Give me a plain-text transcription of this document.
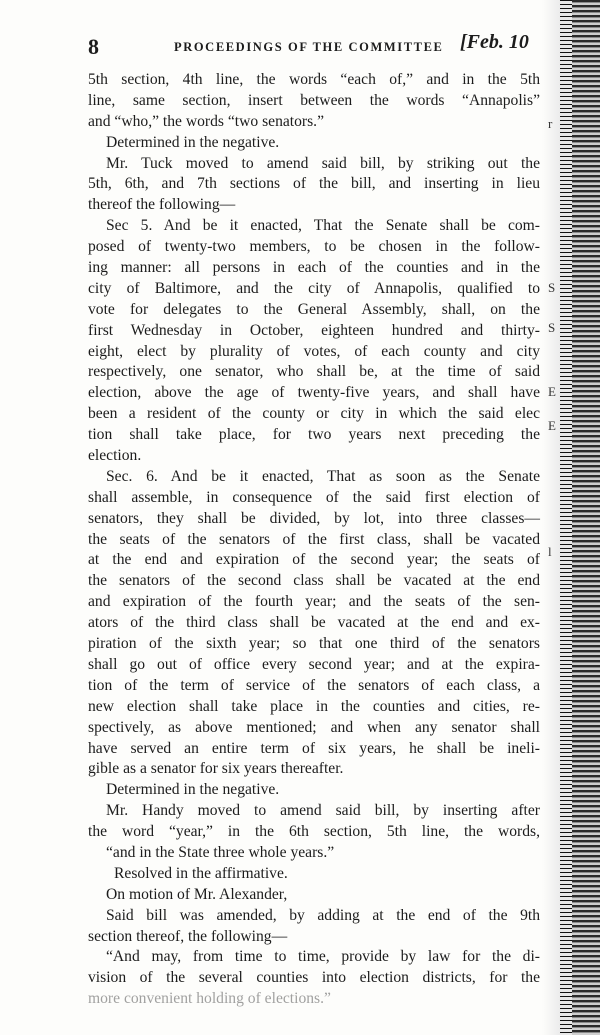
8	PROCEEDINGS OF THE COMMITTEE [Feb. 10
5th section, 4th line, the words “each of,” and in the 5th
line, same section, insert between the words “Annapolis”
and “who,” the words “two senators.”
Determined in the negative.
Mr. Tuck moved to amend said bill, by striking out the
5th, 6th, and 7th sections of the bill, and inserting in lieu
thereof the following—
Sec 5. And be it enacted, That the Senate shall be com-
posed of twenty-two members, to be chosen in the follow-
ing manner: all persons in each of the counties and in the
city of Baltimore, and the city of Annapolis, qualified to
vote for delegates to the General Assembly, shall, on the
first Wednesday in October, eighteen hundred and thirty-
eight, elect by plurality of votes, of each county and city
respectively, one senator, who shall be, at the time of said
election, above the age of twenty-five years, and shall have
been a resident of the county or city in which the said elec
tion shall take place, for two years next preceding the
election.
Sec. 6. And be it enacted, That as soon as the Senate
shall assemble, in consequence of the said first election of
senators, they shall be divided, by lot, into three classes—
the seats of the senators of the first class, shall be vacated
at the end and expiration of the second year; the seats of
the senators of the second class shall be vacated at the end
and expiration of the fourth year; and the seats of the sen-
ators of the third class shall be vacated at the end and ex-
piration of the sixth year; so that one third of the senators
shall go out of office every second year; and at the expira-
tion of the term of service of the senators of each class, a
new election shall take place in the counties and cities, re-
spectively, as above mentioned; and when any senator shall
have served an entire term of six years, he shall be ineli-
gible as a senator for six years thereafter.
Determined in the negative.
Mr. Handy moved to amend said bill, by inserting after
the word “year,” in the 6th section, 5th line, the words,
“and in the State three whole years.”
Resolved in the affirmative.
On motion of Mr. Alexander,
Said bill was amended, by adding at the end of the 9th
section thereof, the following—
“And may, from time to time, provide by law for the di-
vision of the several counties into election districts, for the
more convenient holding of elections.”
r
S
S
E
E
l
